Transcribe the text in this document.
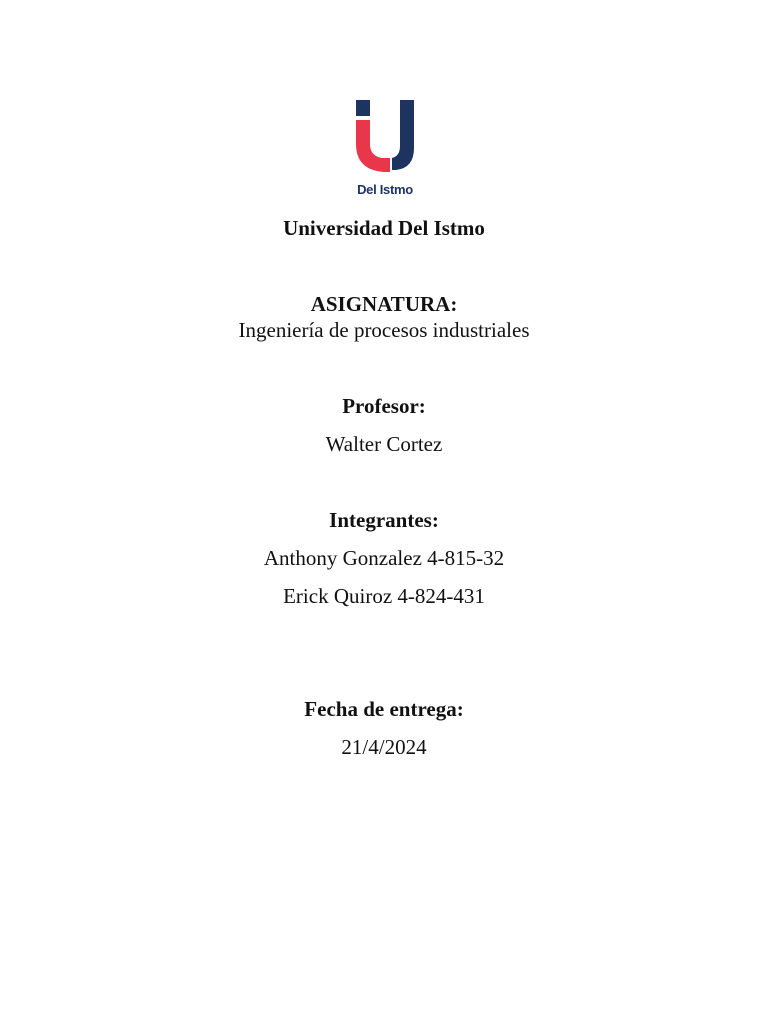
Del Istmo
Universidad Del Istmo
ASIGNATURA:
Ingeniería de procesos industriales
Profesor:
Walter Cortez
Integrantes:
Anthony Gonzalez 4-815-32
Erick Quiroz 4-824-431
Fecha de entrega:
21/4/2024
